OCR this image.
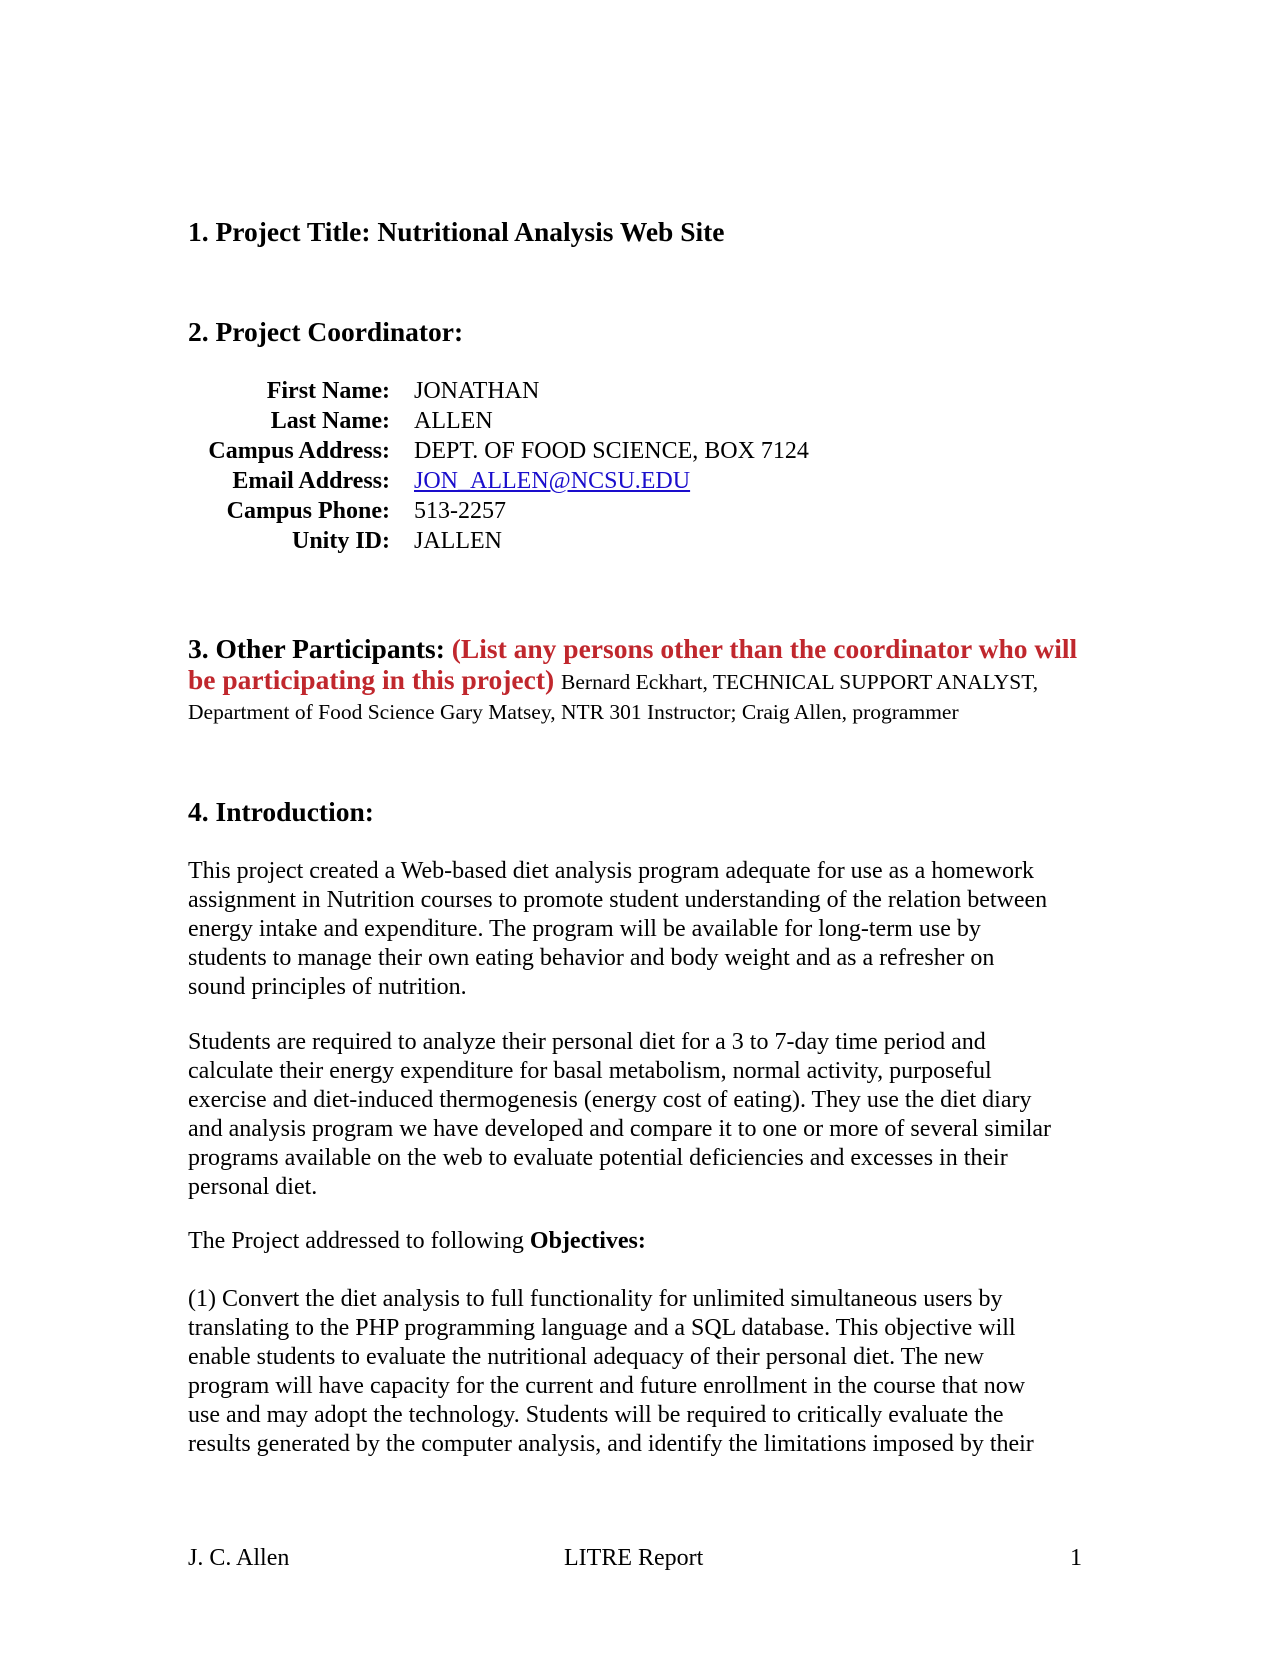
1. Project Title: Nutritional Analysis Web Site
2. Project Coordinator:
First Name:	JONATHAN
Last Name:	ALLEN
Campus Address:	DEPT. OF FOOD SCIENCE, BOX 7124
Email Address:	JON_ALLEN@NCSU.EDU
Campus Phone:	513-2257
Unity ID:	JALLEN
3. Other Participants: (List any persons other than the coordinator who will
be participating in this project) Bernard Eckhart, TECHNICAL SUPPORT ANALYST,
Department of Food Science Gary Matsey, NTR 301 Instructor; Craig Allen, programmer
4. Introduction:

This project created a Web-based diet analysis program adequate for use as a homework
assignment in Nutrition courses to promote student understanding of the relation between
energy intake and expenditure. The program will be available for long-term use by
students to manage their own eating behavior and body weight and as a refresher on
sound principles of nutrition.

Students are required to analyze their personal diet for a 3 to 7-day time period and
calculate their energy expenditure for basal metabolism, normal activity, purposeful
exercise and diet-induced thermogenesis (energy cost of eating). They use the diet diary
and analysis program we have developed and compare it to one or more of several similar
programs available on the web to evaluate potential deficiencies and excesses in their
personal diet.

The Project addressed to following Objectives:

(1) Convert the diet analysis to full functionality for unlimited simultaneous users by
translating to the PHP programming language and a SQL database. This objective will
enable students to evaluate the nutritional adequacy of their personal diet. The new
program will have capacity for the current and future enrollment in the course that now
use and may adopt the technology. Students will be required to critically evaluate the
results generated by the computer analysis, and identify the limitations imposed by their

J. C. Allen	LITRE Report	1
